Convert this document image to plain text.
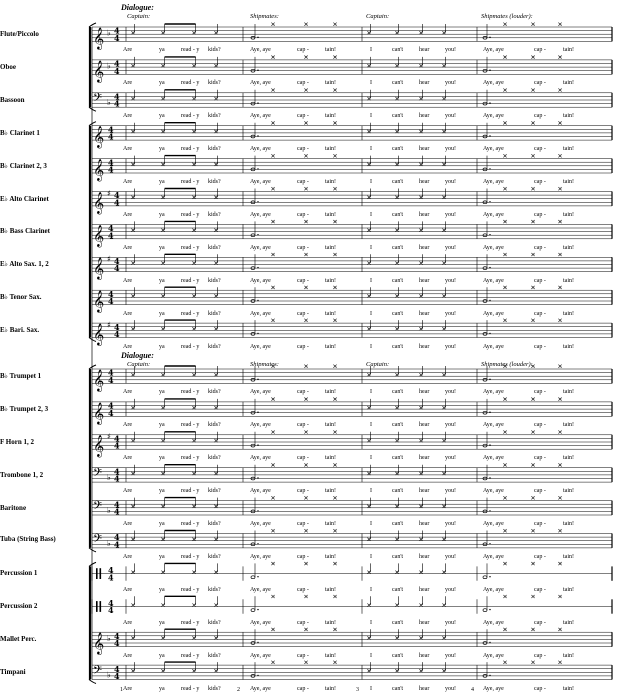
𝄞 ♭ 4
4
𝄞 ♭ 4
4
𝄢 ♭
4
4
𝄞 4
4
𝄞 4
4
𝄞 ♯ 4
4
𝄞 4
4
𝄞 ♯ 4
4
𝄞 4
4
𝄞 ♯ 4
4
𝄞 4
4
𝄞 4
4
𝄞 ♯ 4
4
𝄢 ♭
4
4
𝄢 ♭
4
4
𝄢 ♭
4
4
4
4
4
4
𝄞 ♭ 4
4
𝄢 ♭
4
4
Flute/Piccolo
Are	ya	read - y kids?	Aye, aye	cap -	tain!	I	can't	hear	you!	Aye, aye	cap -	tain!
Oboe
Are	ya	read - y kids?	Aye, aye	cap -	tain!	I	can't	hear	you!	Aye, aye	cap -	tain!
Bassoon
Are	ya	read - y kids?	Aye, aye	cap -	tain!	I	can't	hear	you!	Aye, aye	cap -	tain!
B♭ Clarinet 1
Are	ya	read - y kids?	Aye, aye	cap -	tain!	I	can't	hear	you!	Aye, aye	cap -	tain!
B♭ Clarinet 2, 3
Are	ya	read - y kids?	Aye, aye	cap -	tain!	I	can't	hear	you!	Aye, aye	cap -	tain!
E♭ Alto Clarinet
Are	ya	read - y kids?	Aye, aye	cap -	tain!	I	can't	hear	you!	Aye, aye	cap -	tain!
B♭ Bass Clarinet
Are	ya	read - y kids?	Aye, aye	cap -	tain!	I	can't	hear	you!	Aye, aye	cap -	tain!
E♭ Alto Sax. 1, 2
Are	ya	read - y kids?	Aye, aye	cap -	tain!	I	can't	hear	you!	Aye, aye	cap -	tain!
B♭ Tenor Sax.
Are	ya	read - y kids?	Aye, aye	cap -	tain!	I	can't	hear	you!	Aye, aye	cap -	tain!
E♭ Bari. Sax.
Are	ya	read - y kids?	Aye, aye	cap -	tain!	I	can't	hear	you!	Aye, aye	cap -	tain!
B♭ Trumpet 1
Are	ya	read - y kids?	Aye, aye	cap -	tain!	I	can't	hear	you!	Aye, aye	cap -	tain!
B♭ Trumpet 2, 3
Are	ya	read - y kids?	Aye, aye	cap -	tain!	I	can't	hear	you!	Aye, aye	cap -	tain!
F Horn 1, 2
Are	ya	read - y kids?	Aye, aye	cap -	tain!	I	can't	hear	you!	Aye, aye	cap -	tain!
Trombone 1, 2
Are	ya	read - y kids?	Aye, aye	cap -	tain!	I	can't	hear	you!	Aye, aye	cap -	tain!
Baritone
Are	ya	read - y kids?	Aye, aye	cap -	tain!	I	can't	hear	you!	Aye, aye	cap -	tain!
Tuba (String Bass)
Are	ya	read - y kids?	Aye, aye	cap -	tain!	I	can't	hear	you!	Aye, aye	cap -	tain!
Percussion 1
Are	ya	read - y kids?	Aye, aye	cap -	tain!	I	can't	hear	you!	Aye, aye	cap -	tain!
Percussion 2
Are	ya	read - y kids?	Aye, aye	cap -	tain!	I	can't	hear	you!	Aye, aye	cap -	tain!
Mallet Perc.
Are	ya	read - y kids?	Aye, aye	cap -	tain!	I	can't	hear	you!	Aye, aye	cap -	tain!
Timpani
Are	ya	read - y kids?	Aye, aye	cap -	tain!	I	can't	hear	you!	Aye, aye	cap -	tain!
1	2	3	4
Dialogue:
Captain:	Shipmates:	Captain:	Shipmates (louder):
Dialogue:
Captain:	Shipmates:	Captain:	Shipmates (louder):
